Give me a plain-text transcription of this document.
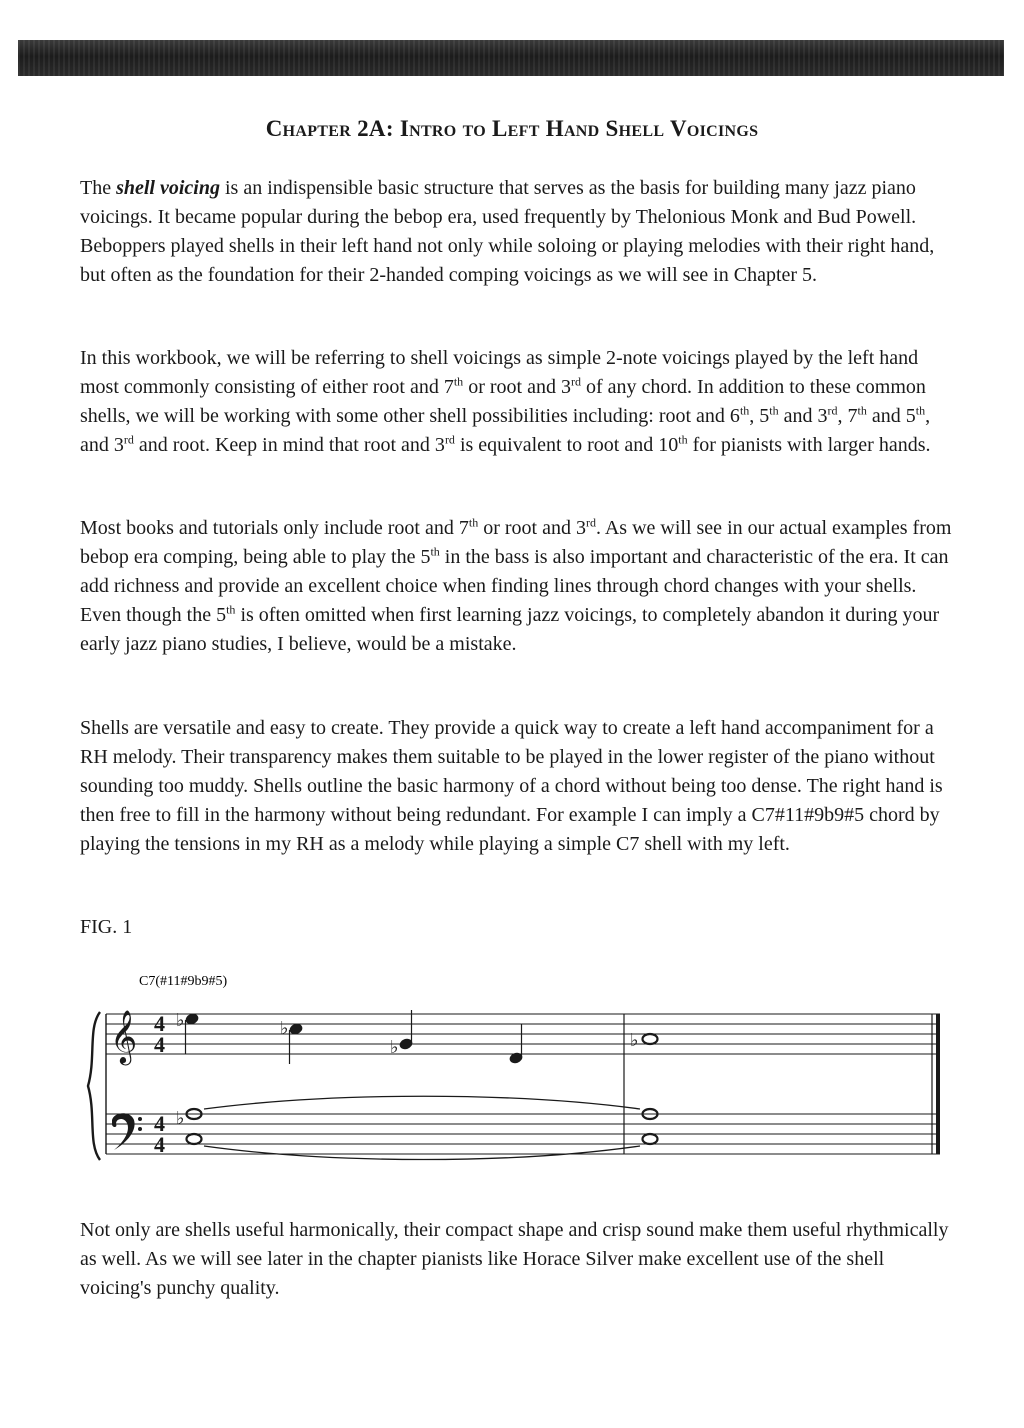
Chapter 2A: Intro to Left Hand Shell Voicings

The shell voicing is an indispensible basic structure that serves as the basis for building many jazz piano voicings. It became popular during the bebop era, used frequently by Thelonious Monk and Bud Powell. Beboppers played shells in their left hand not only while soloing or playing melodies with their right hand, but often as the foundation for their 2-handed comping voicings as we will see in Chapter 5.

In this workbook, we will be referring to shell voicings as simple 2-note voicings played by the left hand most commonly consisting of either root and 7th or root and 3rd of any chord. In addition to these common shells, we will be working with some other shell possibilities including: root and 6th, 5th and 3rd, 7th and 5th, and 3rd and root. Keep in mind that root and 3rd is equivalent to root and 10th for pianists with larger hands.

Most books and tutorials only include root and 7th or root and 3rd. As we will see in our actual examples from bebop era comping, being able to play the 5th in the bass is also important and characteristic of the era. It can add richness and provide an excellent choice when finding lines through chord changes with your shells. Even though the 5th is often omitted when first learning jazz voicings, to completely abandon it during your early jazz piano studies, I believe, would be a mistake.

Shells are versatile and easy to create. They provide a quick way to create a left hand accompaniment for a RH melody. Their transparency makes them suitable to be played in the lower register of the piano without sounding too muddy. Shells outline the basic harmony of a chord without being too dense. The right hand is then free to fill in the harmony without being redundant. For example I can imply a C7#11#9b9#5 chord by playing the tensions in my RH as a melody while playing a simple C7 shell with my left.

FIG. 1
C7(#11#9b9#5)
𝄞 4
4
4
4
♭	♭
♭	♭
♭

Not only are shells useful harmonically, their compact shape and crisp sound make them useful rhythmically as well. As we will see later in the chapter pianists like Horace Silver make excellent use of the shell voicing's punchy quality.
